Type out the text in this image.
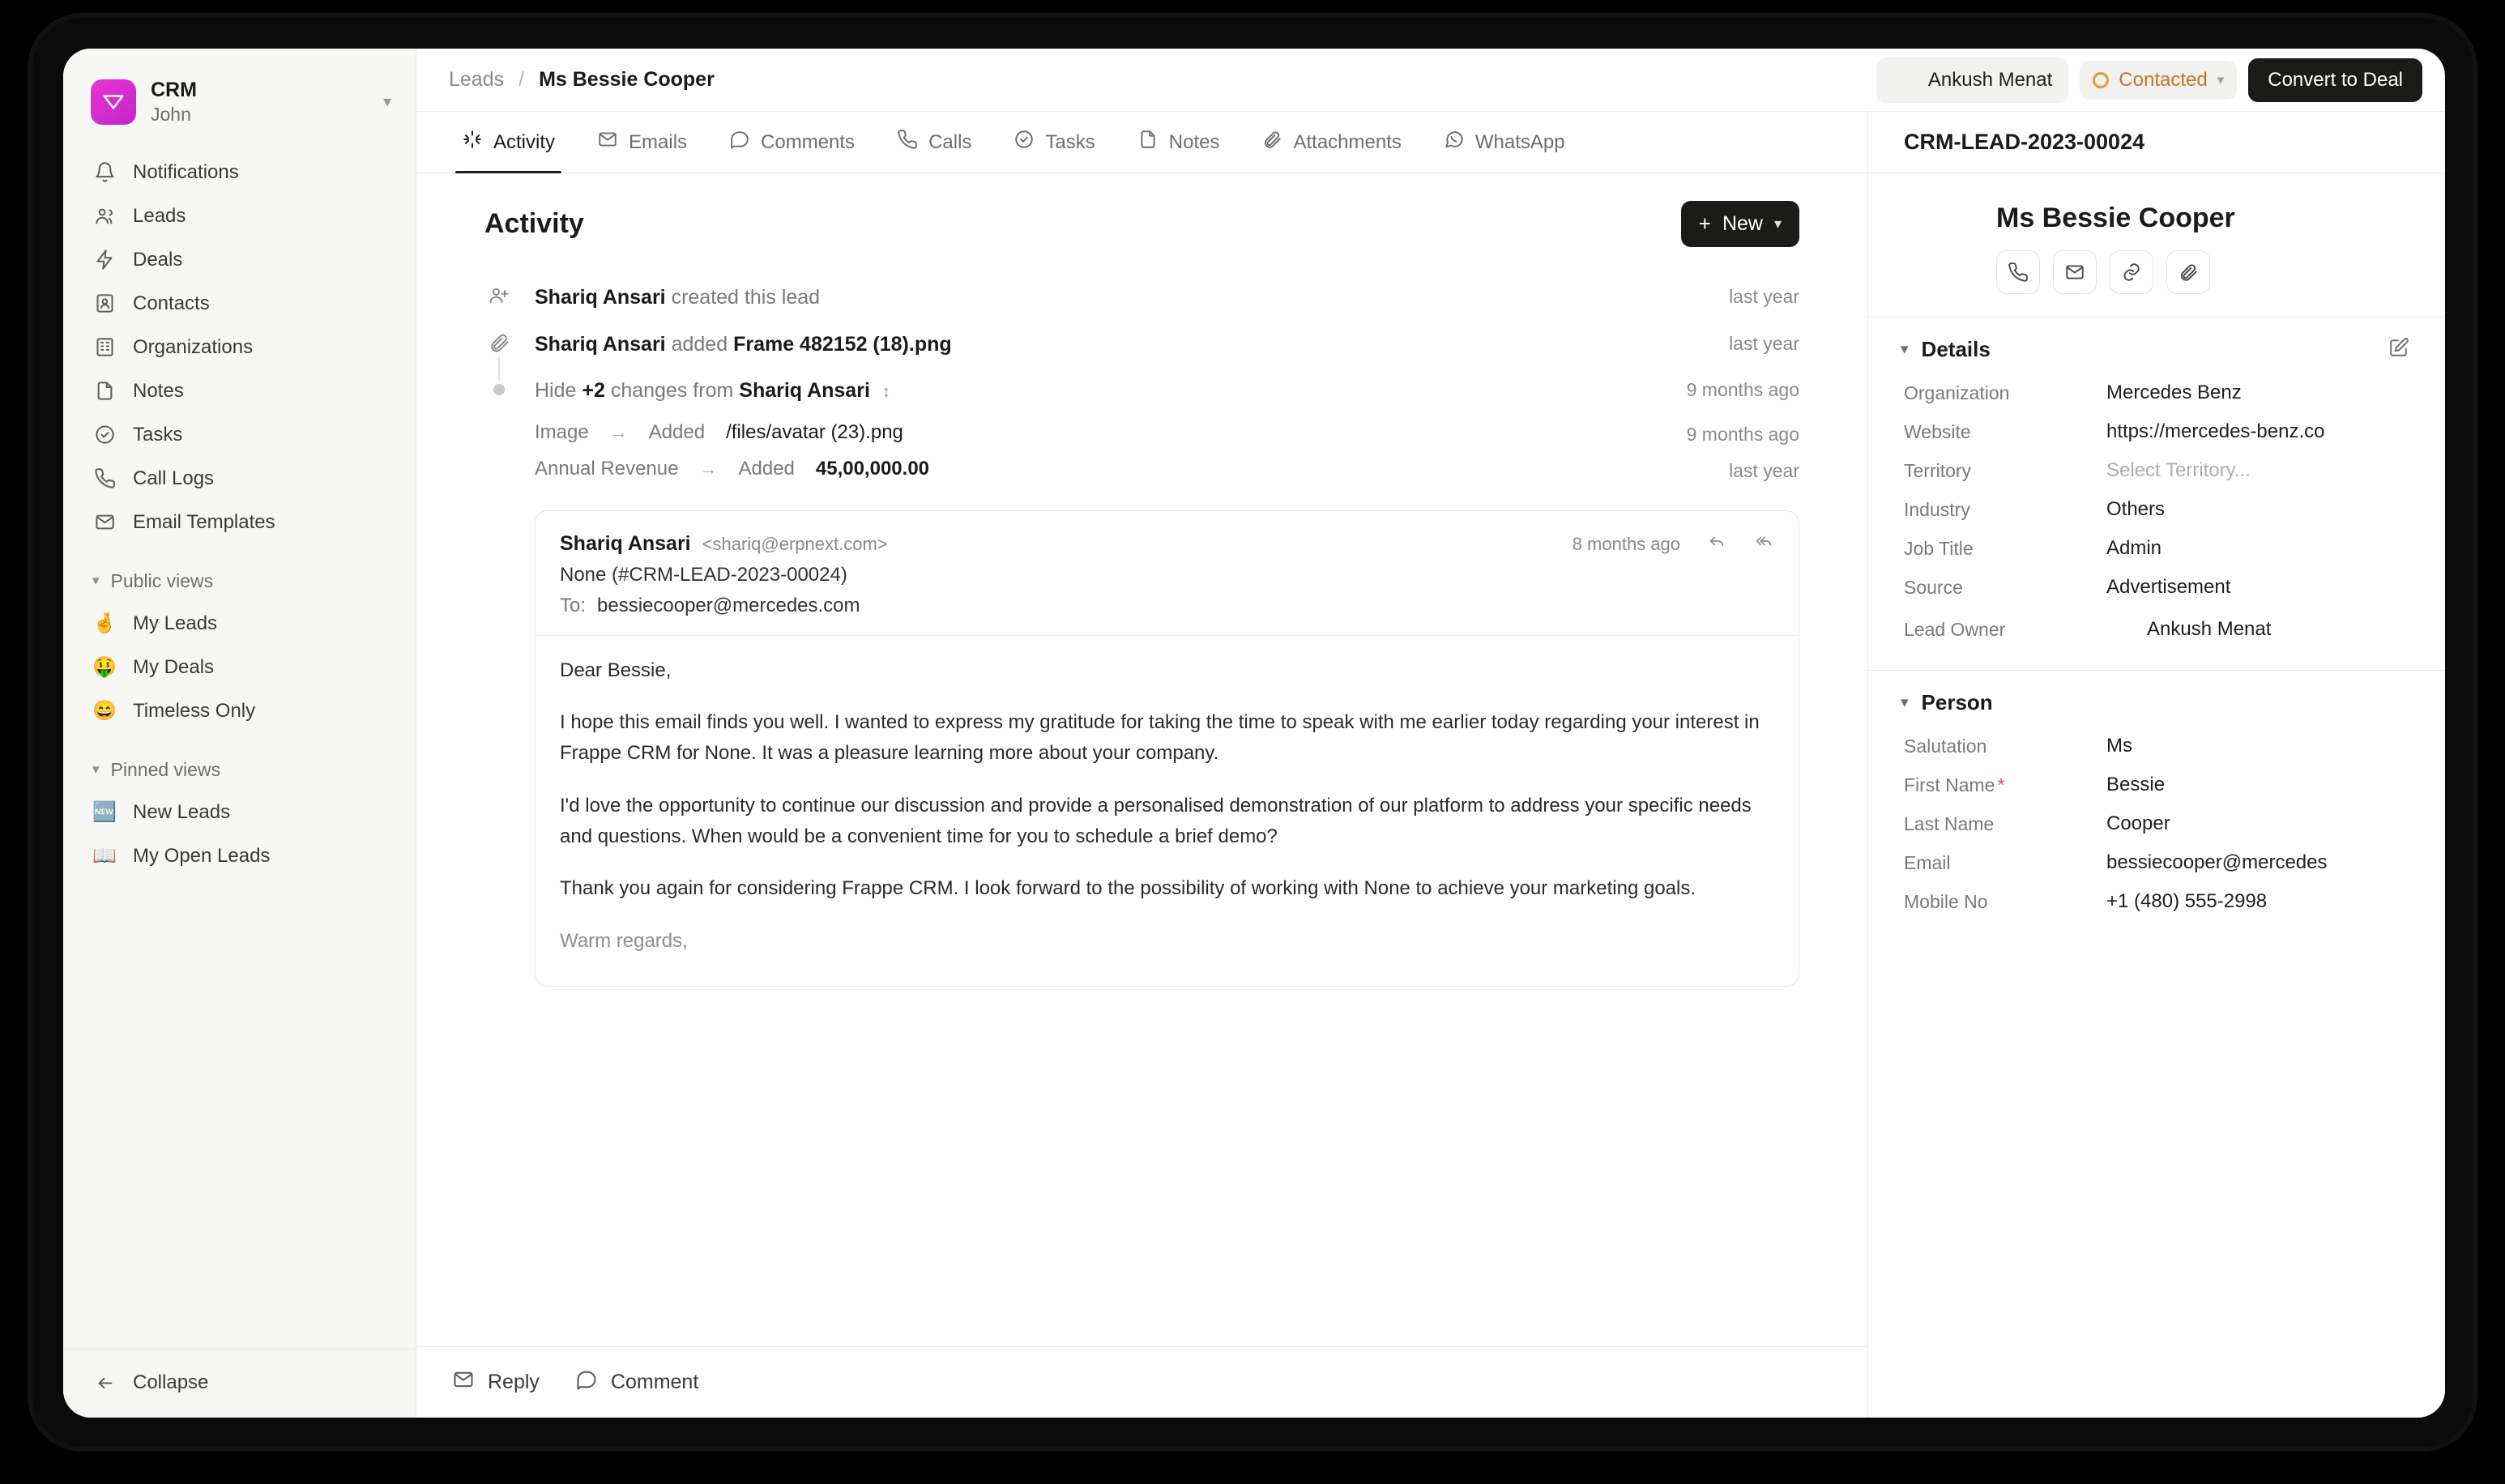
CRM
John
▾
Notifications
Leads
Deals
Contacts
Organizations
Notes
Tasks
Call Logs
Email Templates
▾ Public views
🤞 My Leads
🤑 My Deals
😄 Timeless Only
▾ Pinned views
🆕 New Leads
📖 My Open Leads
Collapse
Leads / Ms Bessie Cooper	Ankush Menat	Contacted ▾	Convert to Deal
Activity	Emails	Comments	Calls	Tasks	Notes	Attachments	WhatsApp
Activity	+ New ▾
Shariq Ansari created this lead	last year
Shariq Ansari added Frame 482152 (18).png	last year
Hide +2 changes from Shariq Ansari ↕	9 months ago
Image → Added /files/avatar (23).png	9 months ago
Annual Revenue → Added 45,00,000.00	last year
Shariq Ansari <shariq@erpnext.com>	8 months ago
None (#CRM-LEAD-2023-00024)
To: bessiecooper@mercedes.com

Dear Bessie,

I hope this email finds you well. I wanted to express my gratitude for taking the time to speak with me earlier today regarding your interest in Frappe CRM for None. It was a pleasure learning more about your company.

I'd love the opportunity to continue our discussion and provide a personalised demonstration of our platform to address your specific needs and questions. When would be a convenient time for you to schedule a brief demo?

Thank you again for considering Frappe CRM. I look forward to the possibility of working with None to achieve your marketing goals.

Warm regards,

Reply	Comment
CRM-LEAD-2023-00024
Ms Bessie Cooper
▾ Details
Organization	Mercedes Benz
Website	https://mercedes-benz.co
Territory	Select Territory...
Industry	Others
Job Title	Admin
Source	Advertisement
Lead Owner	Ankush Menat
▾ Person
Salutation	Ms
First Name *	Bessie
Last Name	Cooper
Email	bessiecooper@mercedes
Mobile No	+1 (480) 555-2998
